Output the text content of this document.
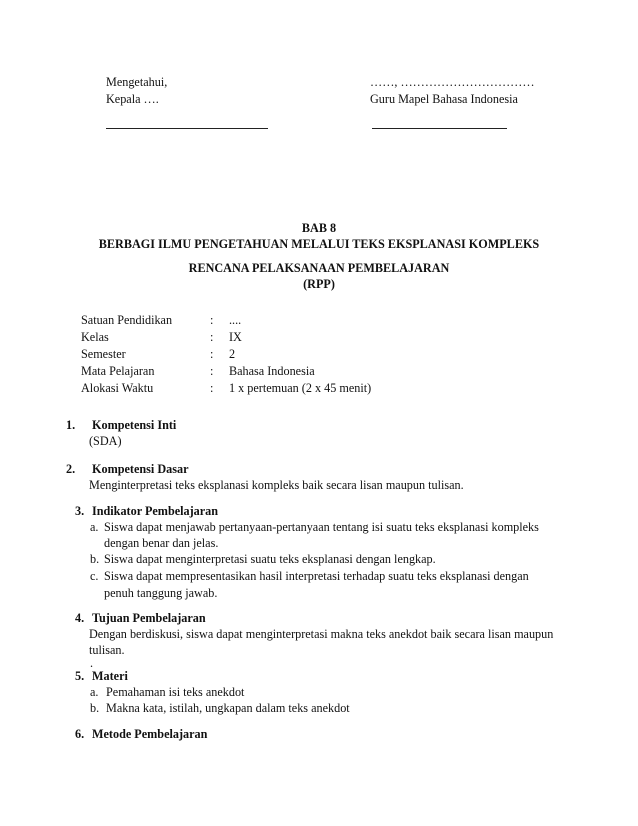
Mengetahui,
Kepala ….
……, ……………………………
Guru Mapel Bahasa Indonesia
BAB 8
BERBAGI ILMU PENGETAHUAN MELALUI TEKS EKSPLANASI KOMPLEKS
RENCANA PELAKSANAAN PEMBELAJARAN
(RPP)
Satuan Pendidikan	: ....
Kelas	: IX
Semester	: 2
Mata Pelajaran	: Bahasa Indonesia
Alokasi Waktu	: 1 x pertemuan (2 x 45 menit)
1. Kompetensi Inti
(SDA)
2. Kompetensi Dasar
Menginterpretasi teks eksplanasi kompleks baik secara lisan maupun tulisan.
3. Indikator Pembelajaran
a. Siswa dapat menjawab pertanyaan-pertanyaan tentang isi suatu teks eksplanasi kompleks
dengan benar dan jelas.
b. Siswa dapat menginterpretasi suatu teks eksplanasi dengan lengkap.
c. Siswa dapat mempresentasikan hasil interpretasi terhadap suatu teks eksplanasi dengan
penuh tanggung jawab.
4. Tujuan Pembelajaran
Dengan berdiskusi, siswa dapat menginterpretasi makna teks anekdot baik secara lisan maupun
tulisan.
.
5. Materi
a. Pemahaman isi teks anekdot
b. Makna kata, istilah, ungkapan dalam teks anekdot
6. Metode Pembelajaran
